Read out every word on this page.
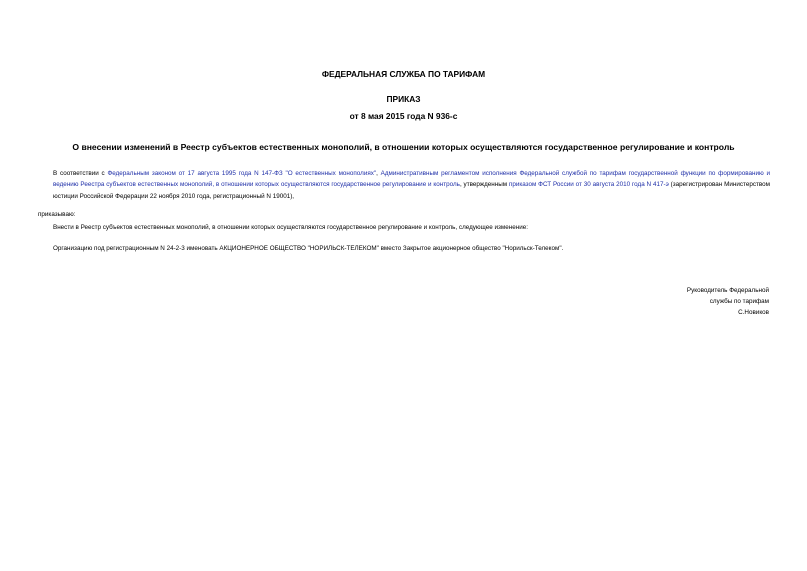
ФЕДЕРАЛЬНАЯ СЛУЖБА ПО ТАРИФАМ
ПРИКАЗ
от 8 мая 2015 года N 936-с
О внесении изменений в Реестр субъектов естественных монополий, в отношении которых осуществляются государственное регулирование и контроль
В соответствии с Федеральным законом от 17 августа 1995 года N 147-ФЗ "О естественных монополиях", Административным регламентом исполнения Федеральной службой по тарифам государственной функции по формированию и ведению Реестра субъектов естественных монополий, в отношении которых осуществляются государственное регулирование и контроль, утвержденным приказом ФСТ России от 30 августа 2010 года N 417-э (зарегистрирован Министерством юстиции Российской Федерации 22 ноября 2010 года, регистрационный N 19001),
приказываю:
Внести в Реестр субъектов естественных монополий, в отношении которых осуществляются государственное регулирование и контроль, следующее изменение:
Организацию под регистрационным N 24-2-3 именовать АКЦИОНЕРНОЕ ОБЩЕСТВО "НОРИЛЬСК-ТЕЛЕКОМ" вместо Закрытое акционерное общество "Норильск-Телеком".
Руководитель Федеральной
службы по тарифам
С.Новиков
